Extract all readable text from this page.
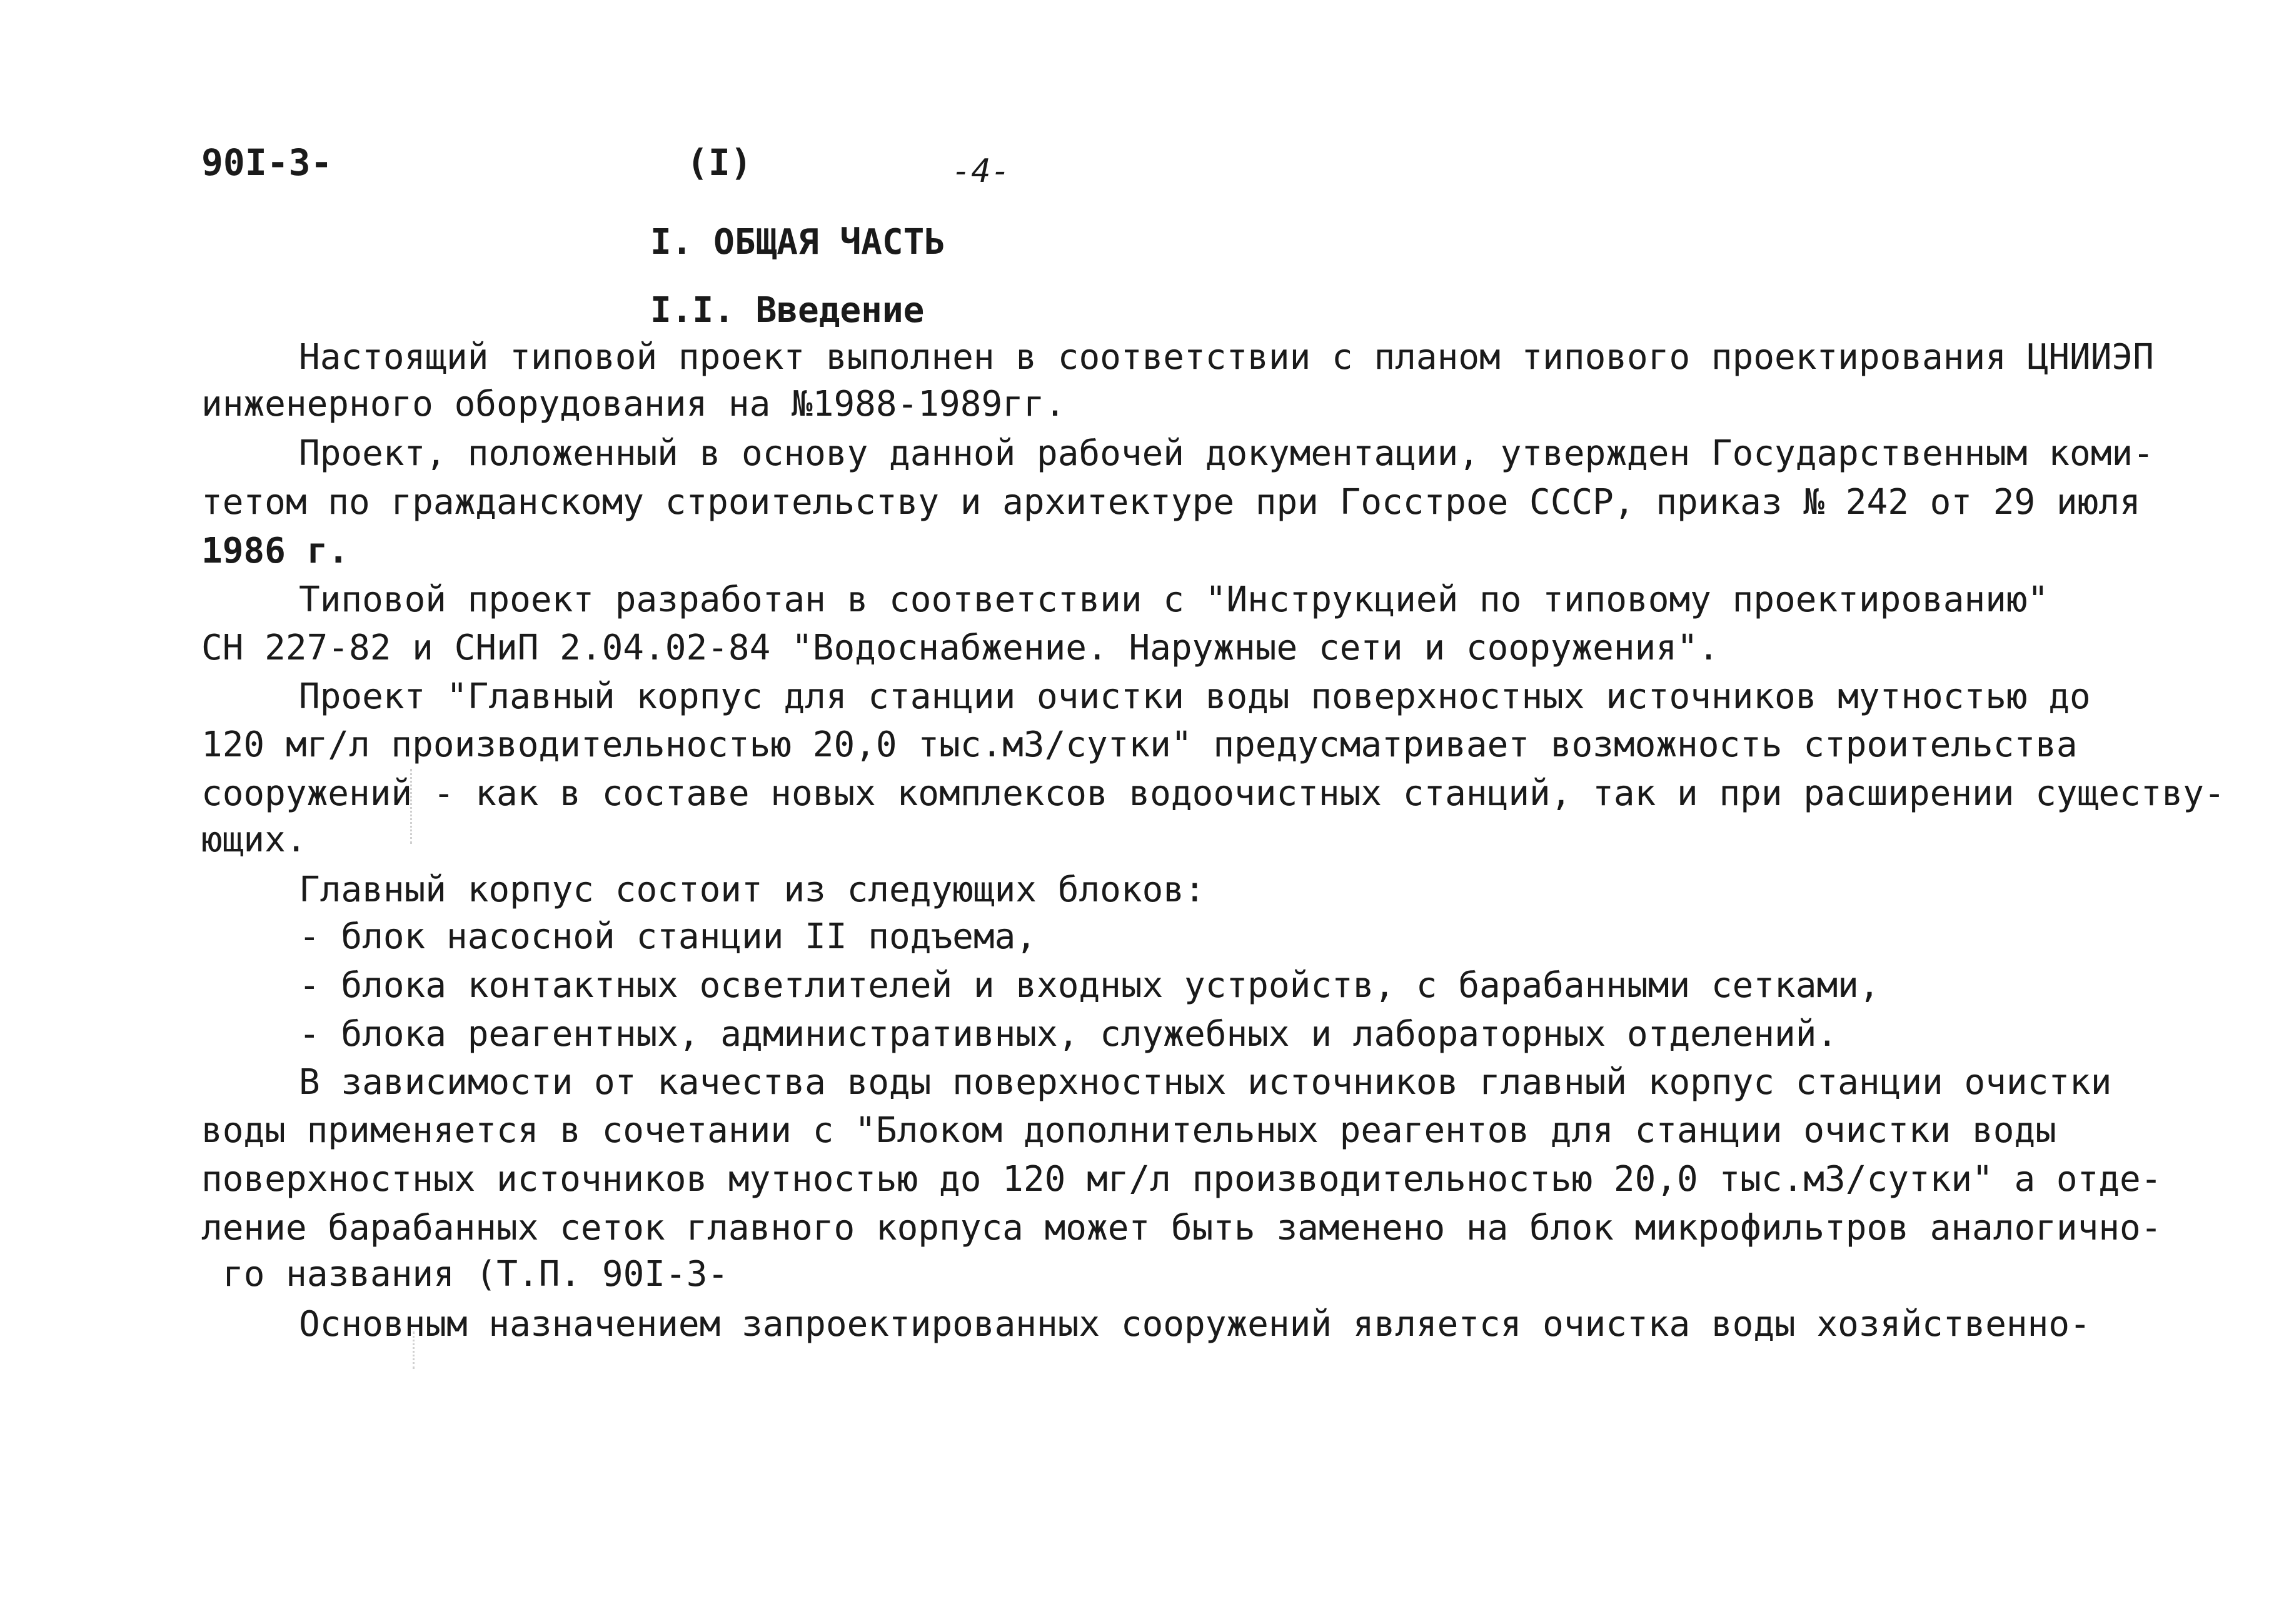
90I-3-	(I)	-4-
I. ОБЩАЯ ЧАСТЬ
I.I. Введение
Настоящий типовой проект выполнен в соответствии с планом типового проектирования ЦНИИЭП
инженерного оборудования на №1988-1989гг.
Проект, положенный в основу данной рабочей документации, утвержден Государственным коми-
тетом по гражданскому строительству и архитектуре при Госстрое СССР, приказ № 242 от 29 июля
1986 г.
Типовой проект разработан в соответствии с "Инструкцией по типовому проектированию"
СН 227-82 и СНиП 2.04.02-84 "Водоснабжение. Наружные сети и сооружения".
Проект "Главный корпус для станции очистки воды поверхностных источников мутностью до
120 мг/л производительностью 20,0 тыс.м3/сутки" предусматривает возможность строительства
сооружений - как в составе новых комплексов водоочистных станций, так и при расширении существу-
ющих.
Главный корпус состоит из следующих блоков:
- блок насосной станции II подъема,
- блока контактных осветлителей и входных устройств, с барабанными сетками,
- блока реагентных, административных, служебных и лабораторных отделений.
В зависимости от качества воды поверхностных источников главный корпус станции очистки
воды применяется в сочетании с "Блоком дополнительных реагентов для станции очистки воды
поверхностных источников мутностью до 120 мг/л производительностью 20,0 тыс.м3/сутки" а отде-
ление барабанных сеток главного корпуса может быть заменено на блок микрофильтров аналогично-
го названия (Т.П. 90I-3-
Основным назначением запроектированных сооружений является очистка воды хозяйственно-
